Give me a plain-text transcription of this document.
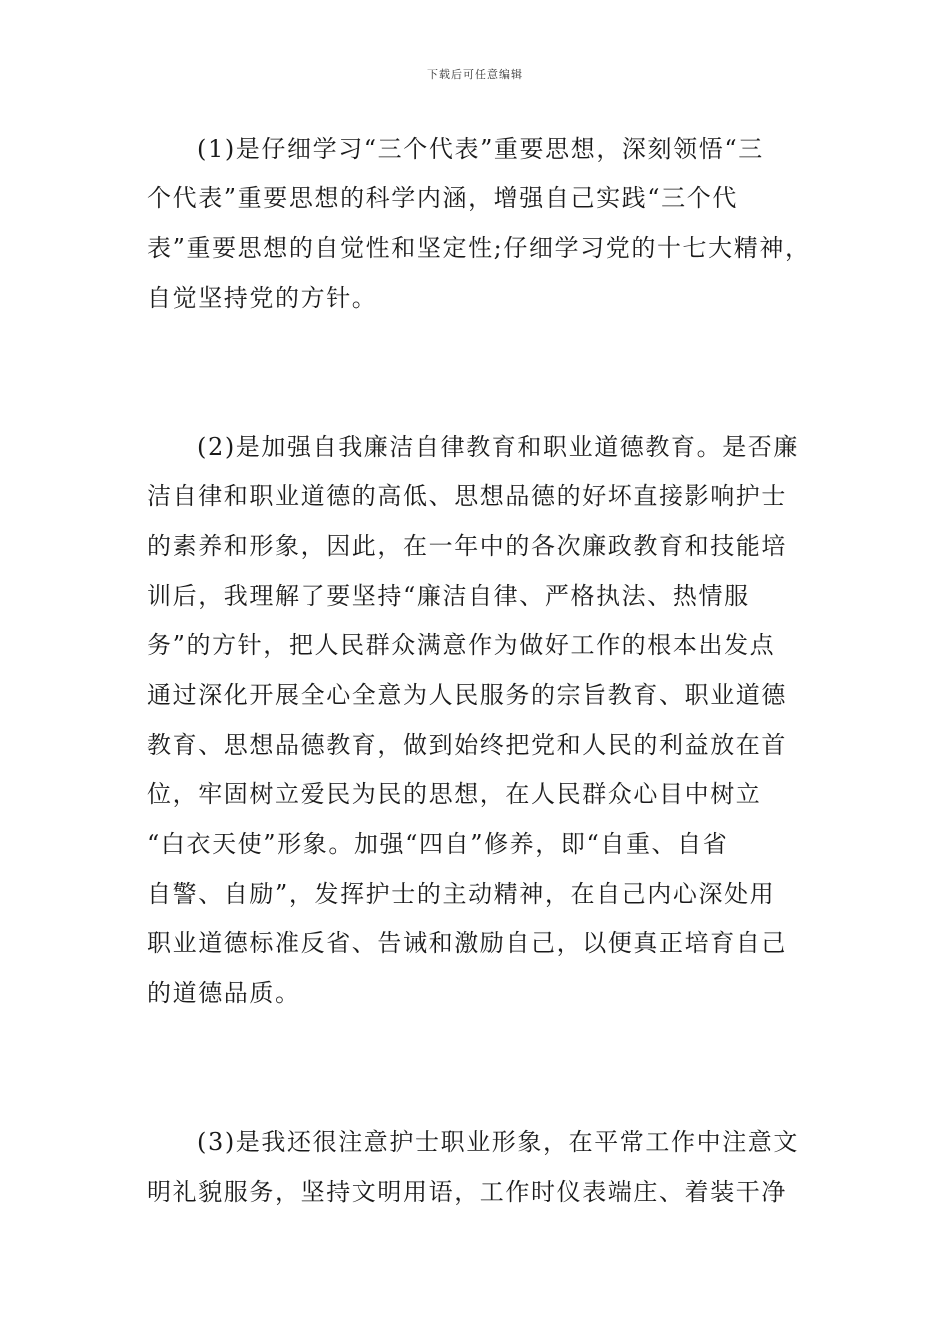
下载后可任意编辑
(1)是仔细学习“三个代表”重要思想，深刻领悟“三
个代表”重要思想的科学内涵，增强自己实践“三个代
表”重要思想的自觉性和坚定性;仔细学习党的十七大精神，
自觉坚持党的方针。
(2)是加强自我廉洁自律教育和职业道德教育。是否廉
洁自律和职业道德的高低、思想品德的好坏直接影响护士
的素养和形象，因此，在一年中的各次廉政教育和技能培
训后，我理解了要坚持“廉洁自律、严格执法、热情服
务”的方针，把人民群众满意作为做好工作的根本出发点
通过深化开展全心全意为人民服务的宗旨教育、职业道德
教育、思想品德教育，做到始终把党和人民的利益放在首
位，牢固树立爱民为民的思想，在人民群众心目中树立
“白衣天使”形象。加强“四自”修养，即“自重、自省
自警、自励”，发挥护士的主动精神，在自己内心深处用
职业道德标准反省、告诫和激励自己，以便真正培育自己
的道德品质。
(3)是我还很注意护士职业形象，在平常工作中注意文
明礼貌服务，坚持文明用语，工作时仪表端庄、着装干净
